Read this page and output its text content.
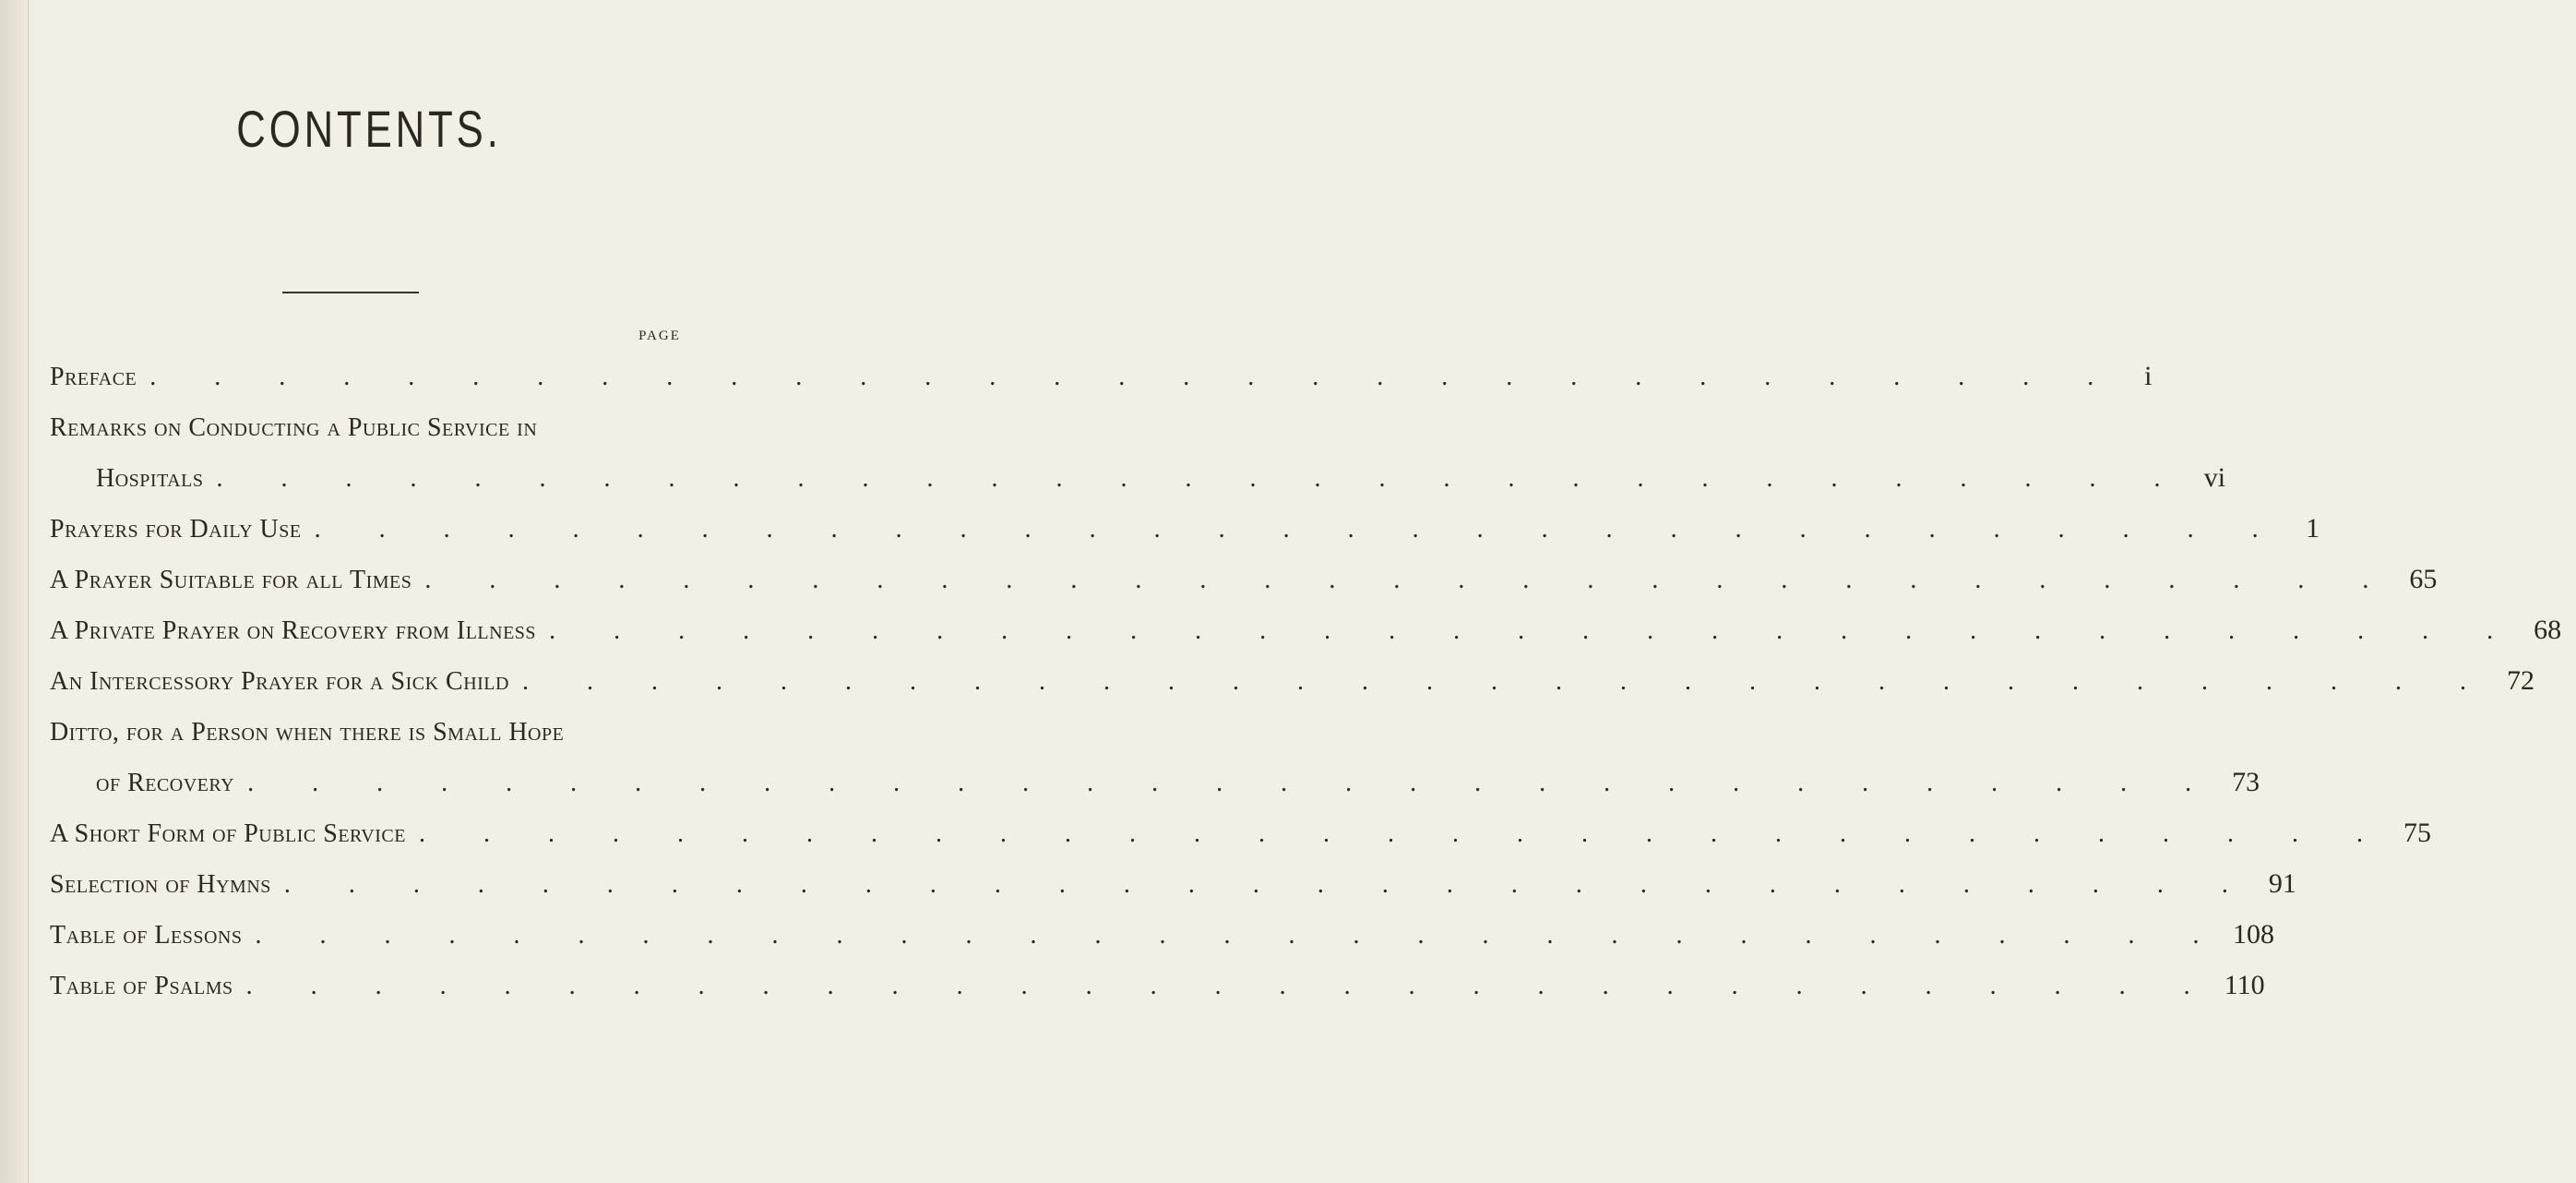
CONTENTS.
PAGE
Preface . . . . . . . . . . . . . . . . . . . . . . . . . . . . . . . i
Remarks on Conducting a Public Service in
Hospitals . . . . . . . . . . . . . . . . . . . . . . . . . . . . . . . vi
Prayers for Daily Use . . . . . . . . . . . . . . . . . . . . . . . . . . . . . . . 1
A Prayer Suitable for all Times . . . . . . . . . . . . . . . . . . . . . . . . . . . . . . . 65
A Private Prayer on Recovery from Illness . . . . . . . . . . . . . . . . . . . . . . . . . . . . . . . 68
An Intercessory Prayer for a Sick Child . . . . . . . . . . . . . . . . . . . . . . . . . . . . . . . 72
Ditto, for a Person when there is Small Hope
of Recovery . . . . . . . . . . . . . . . . . . . . . . . . . . . . . . . 73
A Short Form of Public Service . . . . . . . . . . . . . . . . . . . . . . . . . . . . . . . 75
Selection of Hymns . . . . . . . . . . . . . . . . . . . . . . . . . . . . . . . 91
Table of Lessons . . . . . . . . . . . . . . . . . . . . . . . . . . . . . . . 108
Table of Psalms . . . . . . . . . . . . . . . . . . . . . . . . . . . . . . . 110
